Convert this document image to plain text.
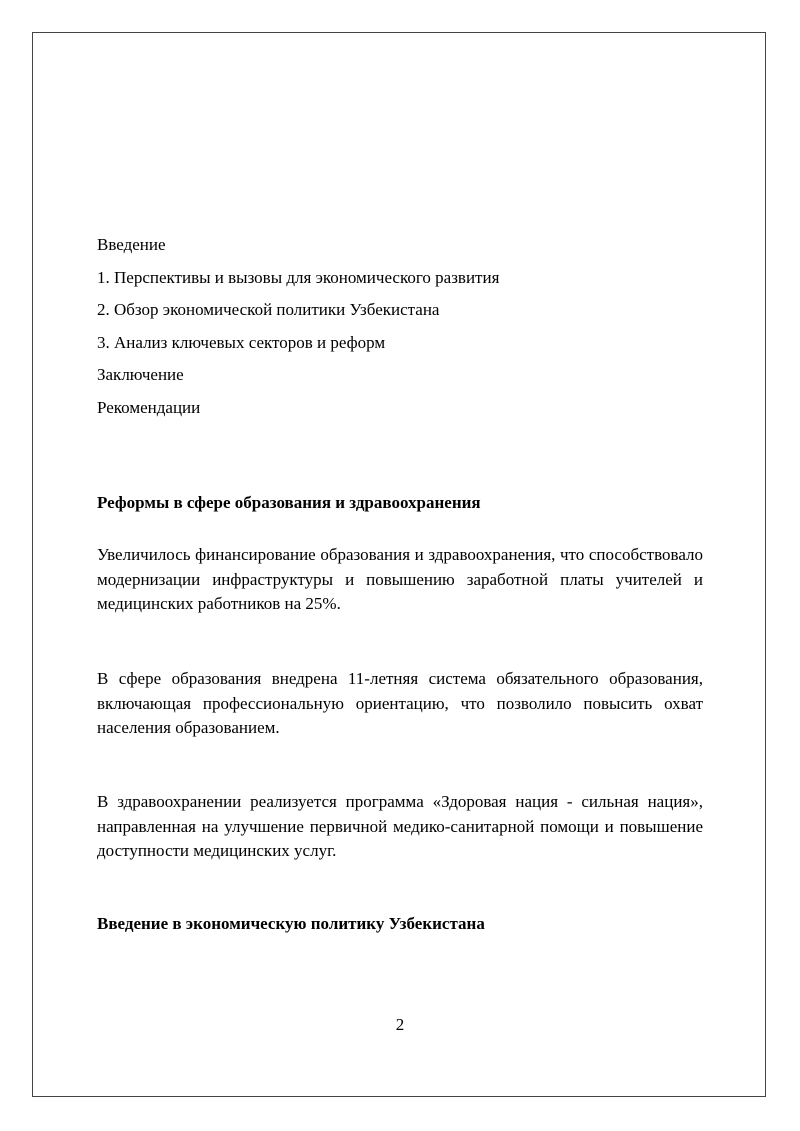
Введение
1. Перспективы и вызовы для экономического развития
2. Обзор экономической политики Узбекистана
3. Анализ ключевых секторов и реформ
Заключение
Рекомендации
Реформы в сфере образования и здравоохранения

Увеличилось финансирование образования и здравоохранения, что способствовало модернизации инфраструктуры и повышению заработной платы учителей и медицинских работников на 25%.

В сфере образования внедрена 11-летняя система обязательного образования, включающая профессиональную ориентацию, что позволило повысить охват населения образованием.

В здравоохранении реализуется программа «Здоровая нация - сильная нация», направленная на улучшение первичной медико-санитарной помощи и повышение доступности медицинских услуг.

Введение в экономическую политику Узбекистана
2
